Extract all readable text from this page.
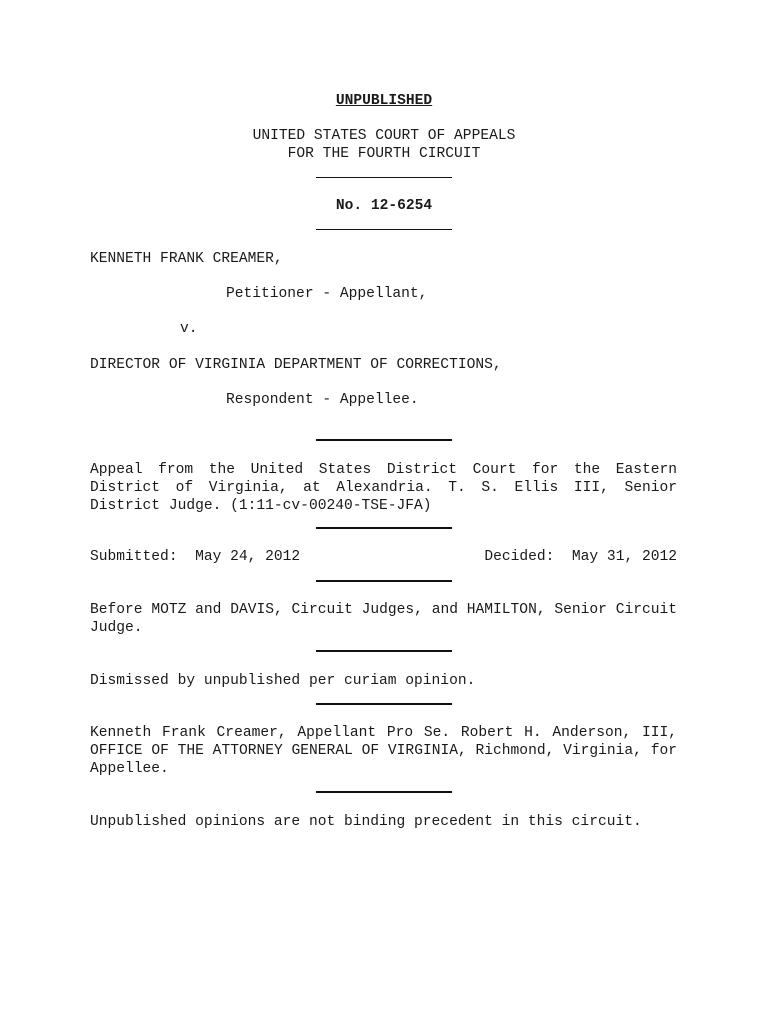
UNPUBLISHED
UNITED STATES COURT OF APPEALS
FOR THE FOURTH CIRCUIT
No. 12-6254
KENNETH FRANK CREAMER,
Petitioner - Appellant,
v.
DIRECTOR OF VIRGINIA DEPARTMENT OF CORRECTIONS,
Respondent - Appellee.

Appeal from the United States District Court for the Eastern District of Virginia, at Alexandria. T. S. Ellis III, Senior District Judge. (1:11-cv-00240-TSE-JFA)

Submitted:  May 24, 2012	Decided:  May 31, 2012

Before MOTZ and DAVIS, Circuit Judges, and HAMILTON, Senior Circuit Judge.

Dismissed by unpublished per curiam opinion.

Kenneth Frank Creamer, Appellant Pro Se. Robert H. Anderson, III, OFFICE OF THE ATTORNEY GENERAL OF VIRGINIA, Richmond, Virginia, for Appellee.

Unpublished opinions are not binding precedent in this circuit.
